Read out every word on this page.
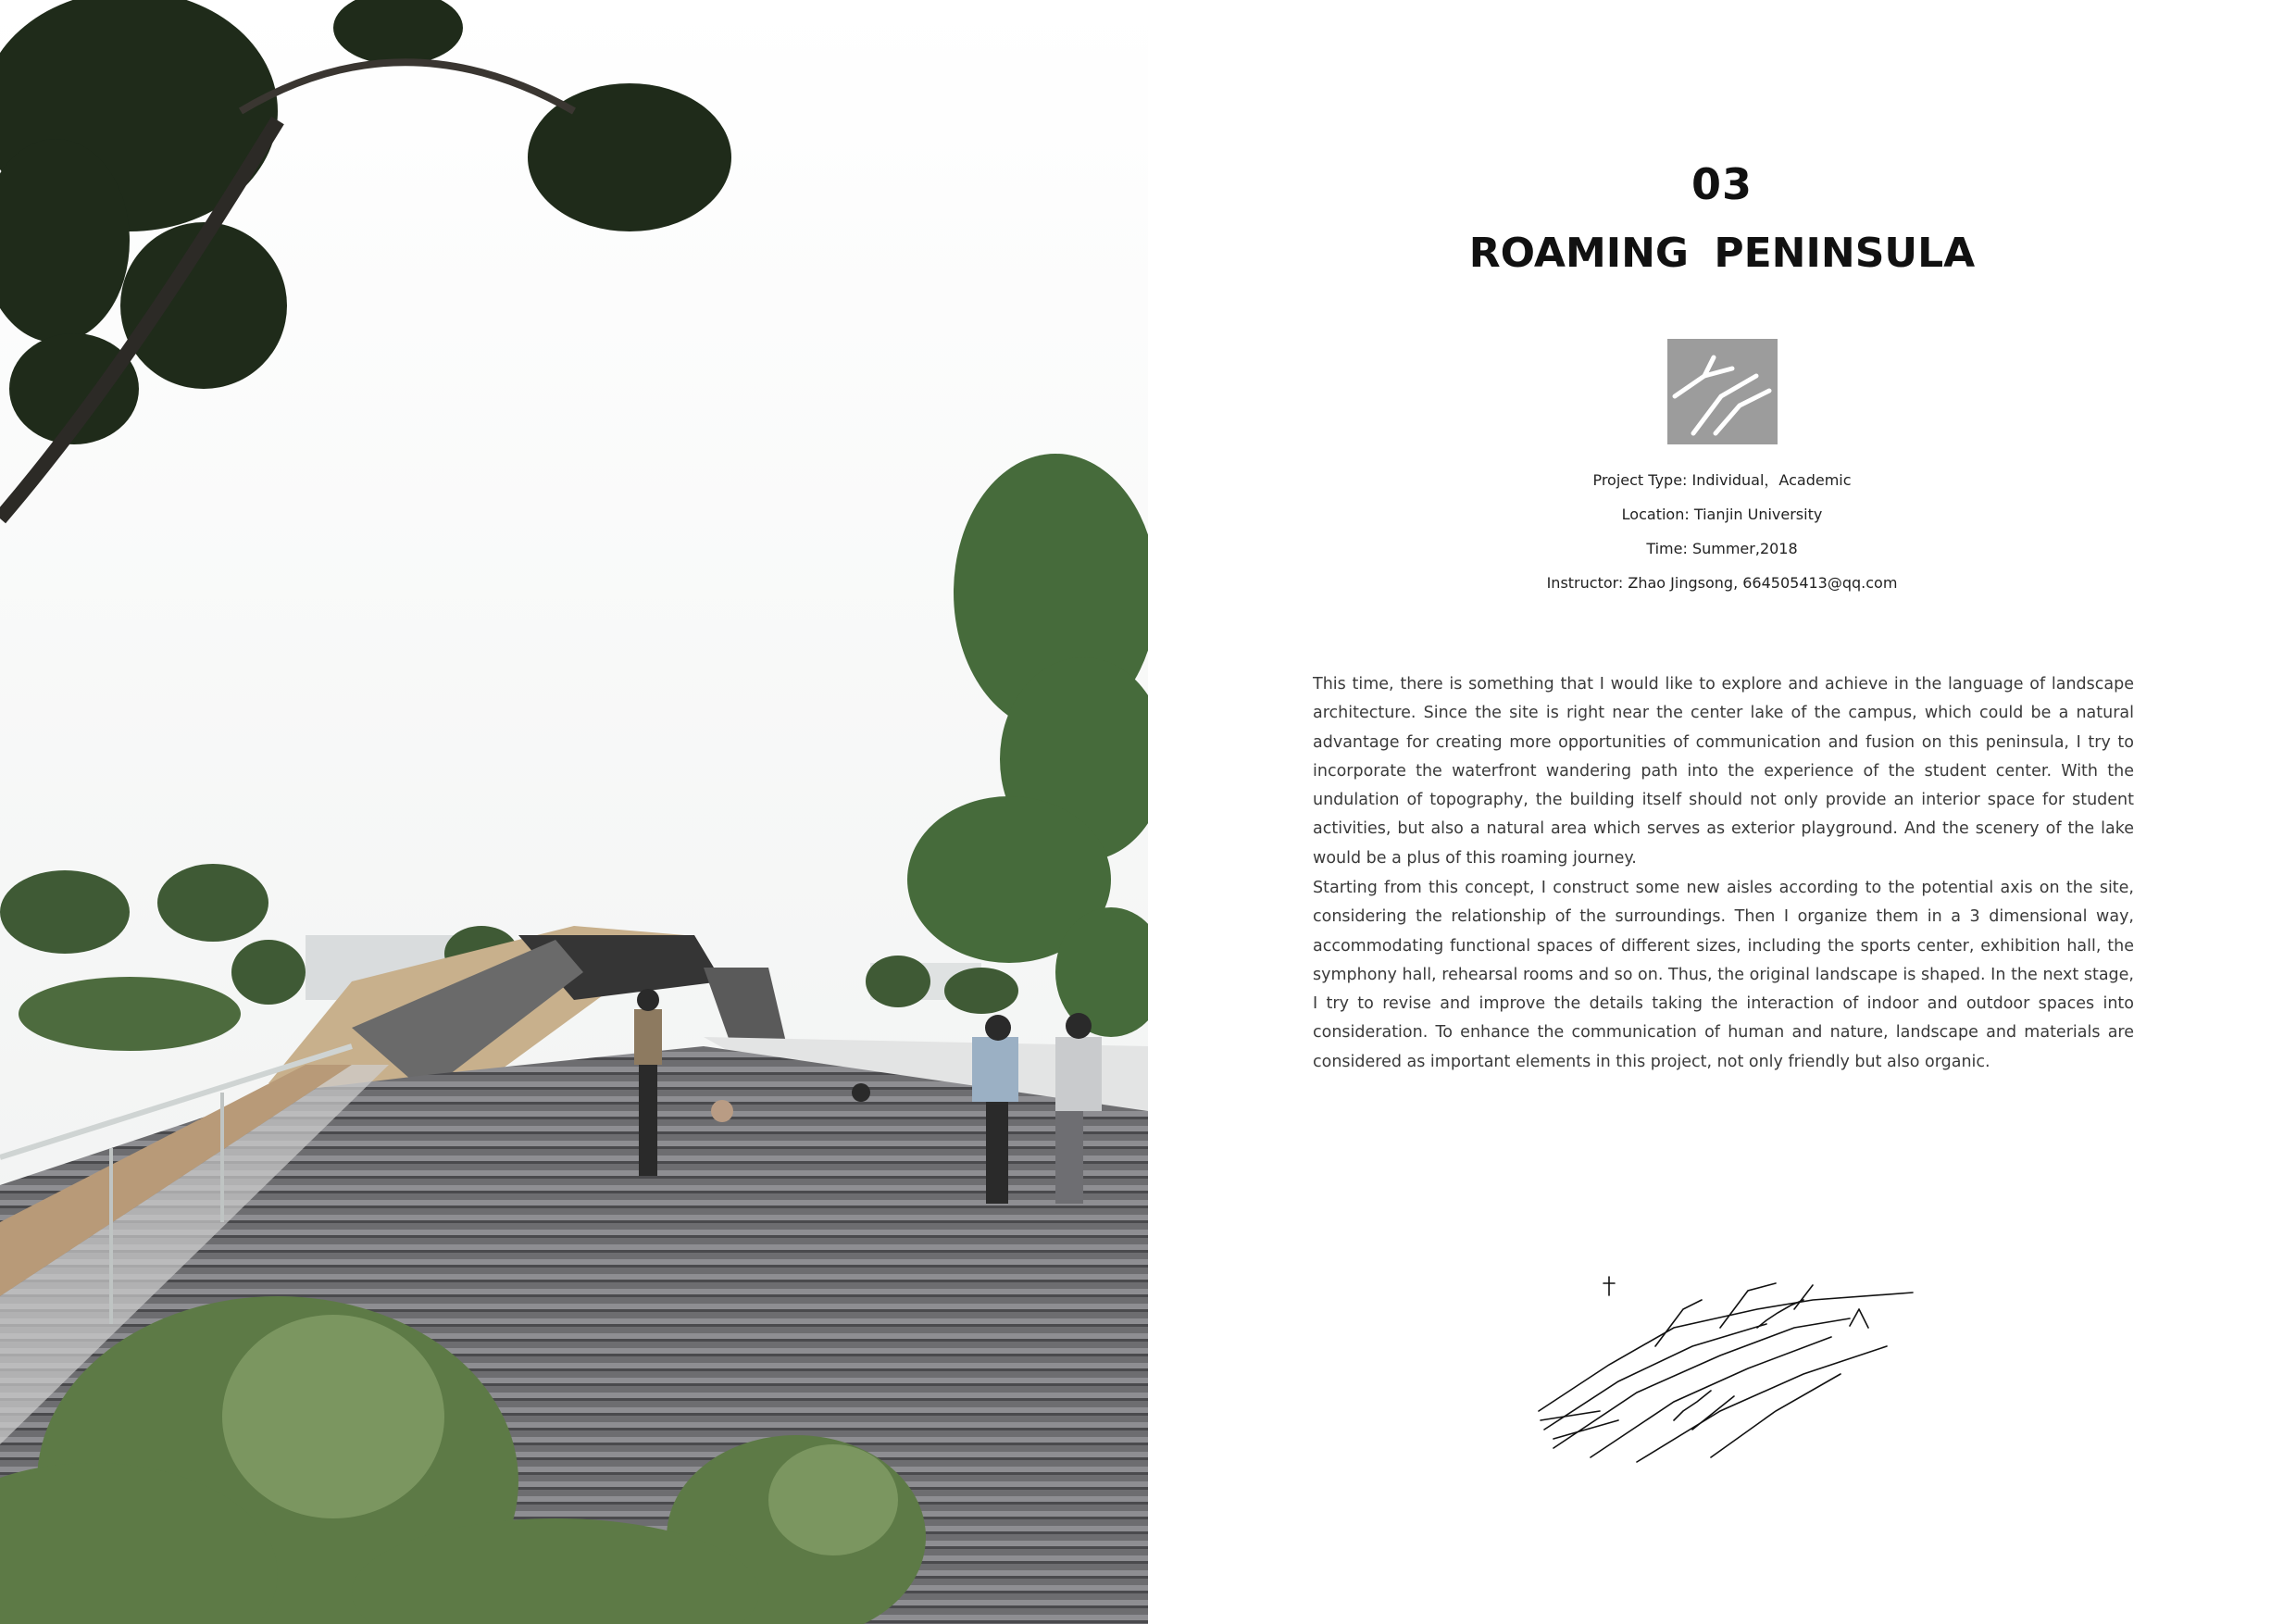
03
ROAMING PENINSULA
Project Type: Individual，Academic
Location: Tianjin University
Time: Summer,2018
Instructor: Zhao Jingsong, 664505413@qq.com

This time, there is something that I would like to explore and achieve in the language of landscape architecture. Since the site is right near the center lake of the campus, which could be a natural advantage for creating more opportunities of communication and fusion on this peninsula, I try to incorporate the waterfront wandering path into the experience of the student center. With the undulation of topography, the building itself should not only provide an interior space for student activities, but also a natural area which serves as exterior playground. And the scenery of the lake would be a plus of this roaming journey.

Starting from this concept, I construct some new aisles according to the potential axis on the site, considering the relationship of the surroundings. Then I organize them in a 3 dimensional way, accommodating functional spaces of different sizes, including the sports center, exhibition hall, the symphony hall, rehearsal rooms and so on. Thus, the original landscape is shaped. In the next stage, I try to revise and improve the details taking the interaction of indoor and outdoor spaces into consideration. To enhance the communication of human and nature, landscape and materials are considered as important elements in this project, not only friendly but also organic.
